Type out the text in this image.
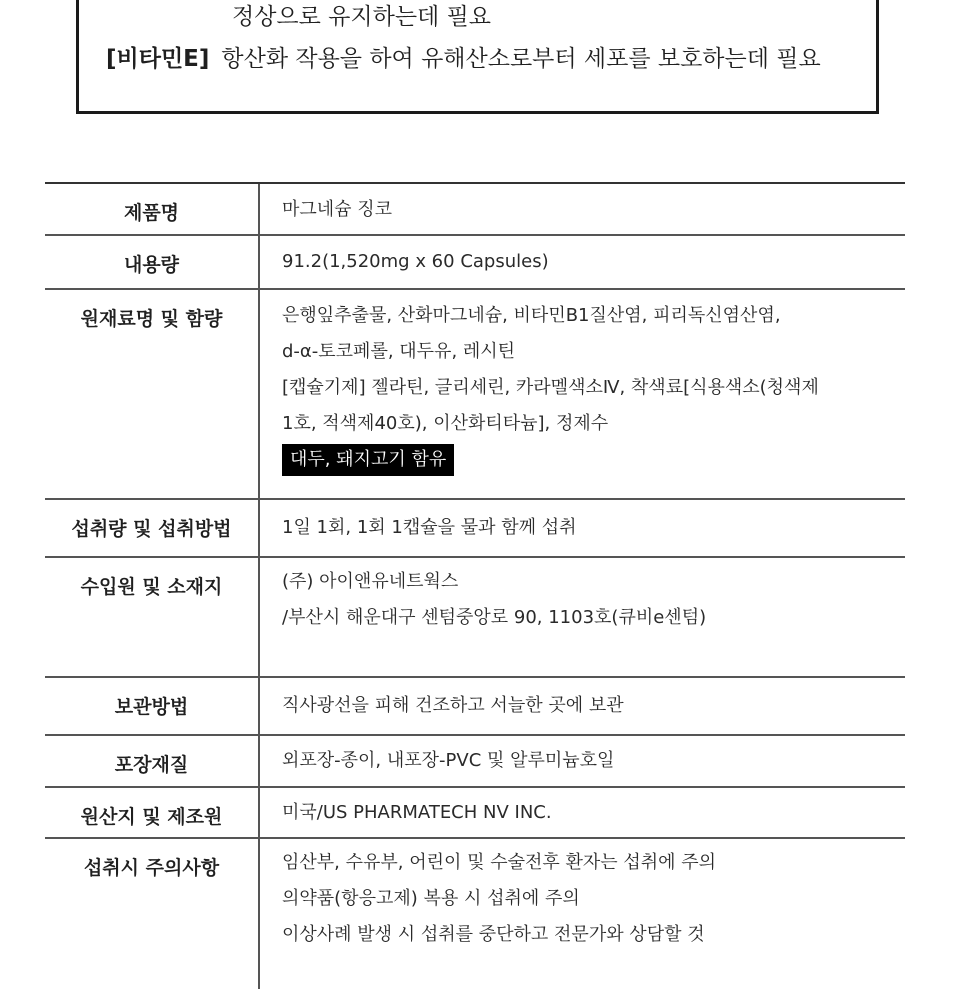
정상으로 유지하는데 필요
[비타민E] 항산화 작용을 하여 유해산소로부터 세포를 보호하는데 필요
제품명	마그네슘 징코
내용량	91.2(1,520mg x 60 Capsules)
원재료명 및 함량	은행잎추출물, 산화마그네슘, 비타민B1질산염, 피리독신염산염,
d-α-토코페롤, 대두유, 레시틴
[캡슐기제] 젤라틴, 글리세린, 카라멜색소Ⅳ, 착색료[식용색소(청색제
1호, 적색제40호), 이산화티타늄], 정제수
대두, 돼지고기 함유
섭취량 및 섭취방법	1일 1회, 1회 1캡슐을 물과 함께 섭취
수입원 및 소재지	(주) 아이앤유네트웍스
/부산시 해운대구 센텀중앙로 90, 1103호(큐비e센텀)
보관방법	직사광선을 피해 건조하고 서늘한 곳에 보관
포장재질	외포장-종이, 내포장-PVC 및 알루미늄호일
원산지 및 제조원	미국/US PHARMATECH NV INC.
섭취시 주의사항	임산부, 수유부, 어린이 및 수술전후 환자는 섭취에 주의
의약품(항응고제) 복용 시 섭취에 주의
이상사례 발생 시 섭취를 중단하고 전문가와 상담할 것
